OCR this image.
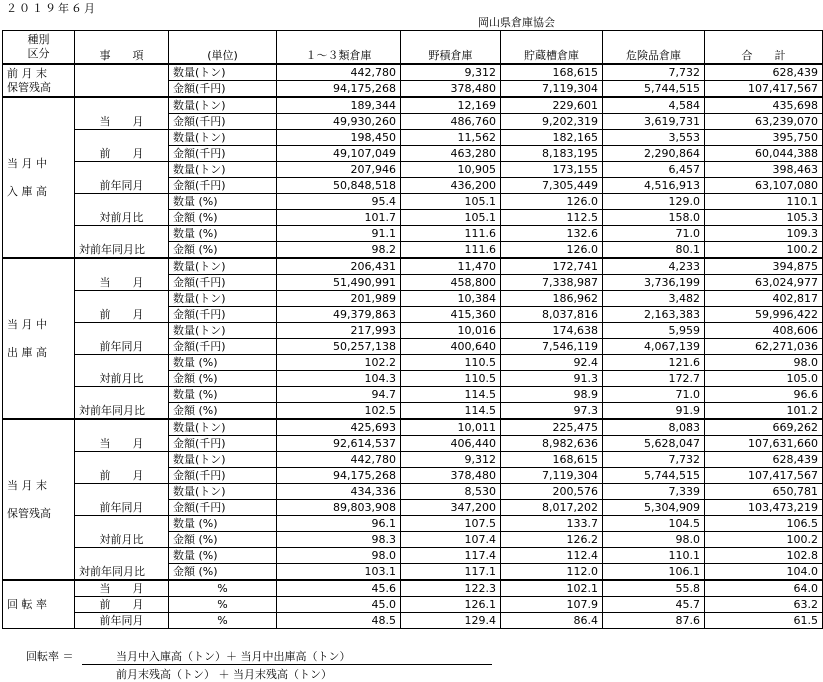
２０１９年６月
岡山県倉庫協会
種別
区分	事　　項	(単位)	１～３類倉庫	野積倉庫	貯蔵槽倉庫	危険品倉庫	合　　計
前 月 末
保管残高		数量(トン)	442,780	9,312	168,615	7,732	628,439
		金額(千円)	94,175,268	378,480	7,119,304	5,744,515	107,417,567
当 月 中

入 庫 高	当　　月	数量(トン)	189,344	12,169	229,601	4,584	435,698
		金額(千円)	49,930,260	486,760	9,202,319	3,619,731	63,239,070
	前　　月	数量(トン)	198,450	11,562	182,165	3,553	395,750
		金額(千円)	49,107,049	463,280	8,183,195	2,290,864	60,044,388
	前年同月	数量(トン)	207,946	10,905	173,155	6,457	398,463
		金額(千円)	50,848,518	436,200	7,305,449	4,516,913	63,107,080
	対前月比	数量 (%)	95.4	105.1	126.0	129.0	110.1
		金額 (%)	101.7	105.1	112.5	158.0	105.3
	対前年同月比	数量 (%)	91.1	111.6	132.6	71.0	109.3
		金額 (%)	98.2	111.6	126.0	80.1	100.2
当 月 中

出 庫 高	当　　月	数量(トン)	206,431	11,470	172,741	4,233	394,875
		金額(千円)	51,490,991	458,800	7,338,987	3,736,199	63,024,977
	前　　月	数量(トン)	201,989	10,384	186,962	3,482	402,817
		金額(千円)	49,379,863	415,360	8,037,816	2,163,383	59,996,422
	前年同月	数量(トン)	217,993	10,016	174,638	5,959	408,606
		金額(千円)	50,257,138	400,640	7,546,119	4,067,139	62,271,036
	対前月比	数量 (%)	102.2	110.5	92.4	121.6	98.0
		金額 (%)	104.3	110.5	91.3	172.7	105.0
	対前年同月比	数量 (%)	94.7	114.5	98.9	71.0	96.6
		金額 (%)	102.5	114.5	97.3	91.9	101.2
当 月 末

保管残高	当　　月	数量(トン)	425,693	10,011	225,475	8,083	669,262
		金額(千円)	92,614,537	406,440	8,982,636	5,628,047	107,631,660
	前　　月	数量(トン)	442,780	9,312	168,615	7,732	628,439
		金額(千円)	94,175,268	378,480	7,119,304	5,744,515	107,417,567
	前年同月	数量(トン)	434,336	8,530	200,576	7,339	650,781
		金額(千円)	89,803,908	347,200	8,017,202	5,304,909	103,473,219
	対前月比	数量 (%)	96.1	107.5	133.7	104.5	106.5
		金額 (%)	98.3	107.4	126.2	98.0	100.2
	対前年同月比	数量 (%)	98.0	117.4	112.4	110.1	102.8
		金額 (%)	103.1	117.1	112.0	106.1	104.0
回 転 率	当　　月	%	45.6	122.3	102.1	55.8	64.0
	前　　月	%	45.0	126.1	107.9	45.7	63.2
	前年同月	%	48.5	129.4	86.4	87.6	61.5
回転率 ＝	当月中入庫高（トン）＋ 当月中出庫高（トン）
前月末残高（トン） ＋ 当月末残高（トン）
